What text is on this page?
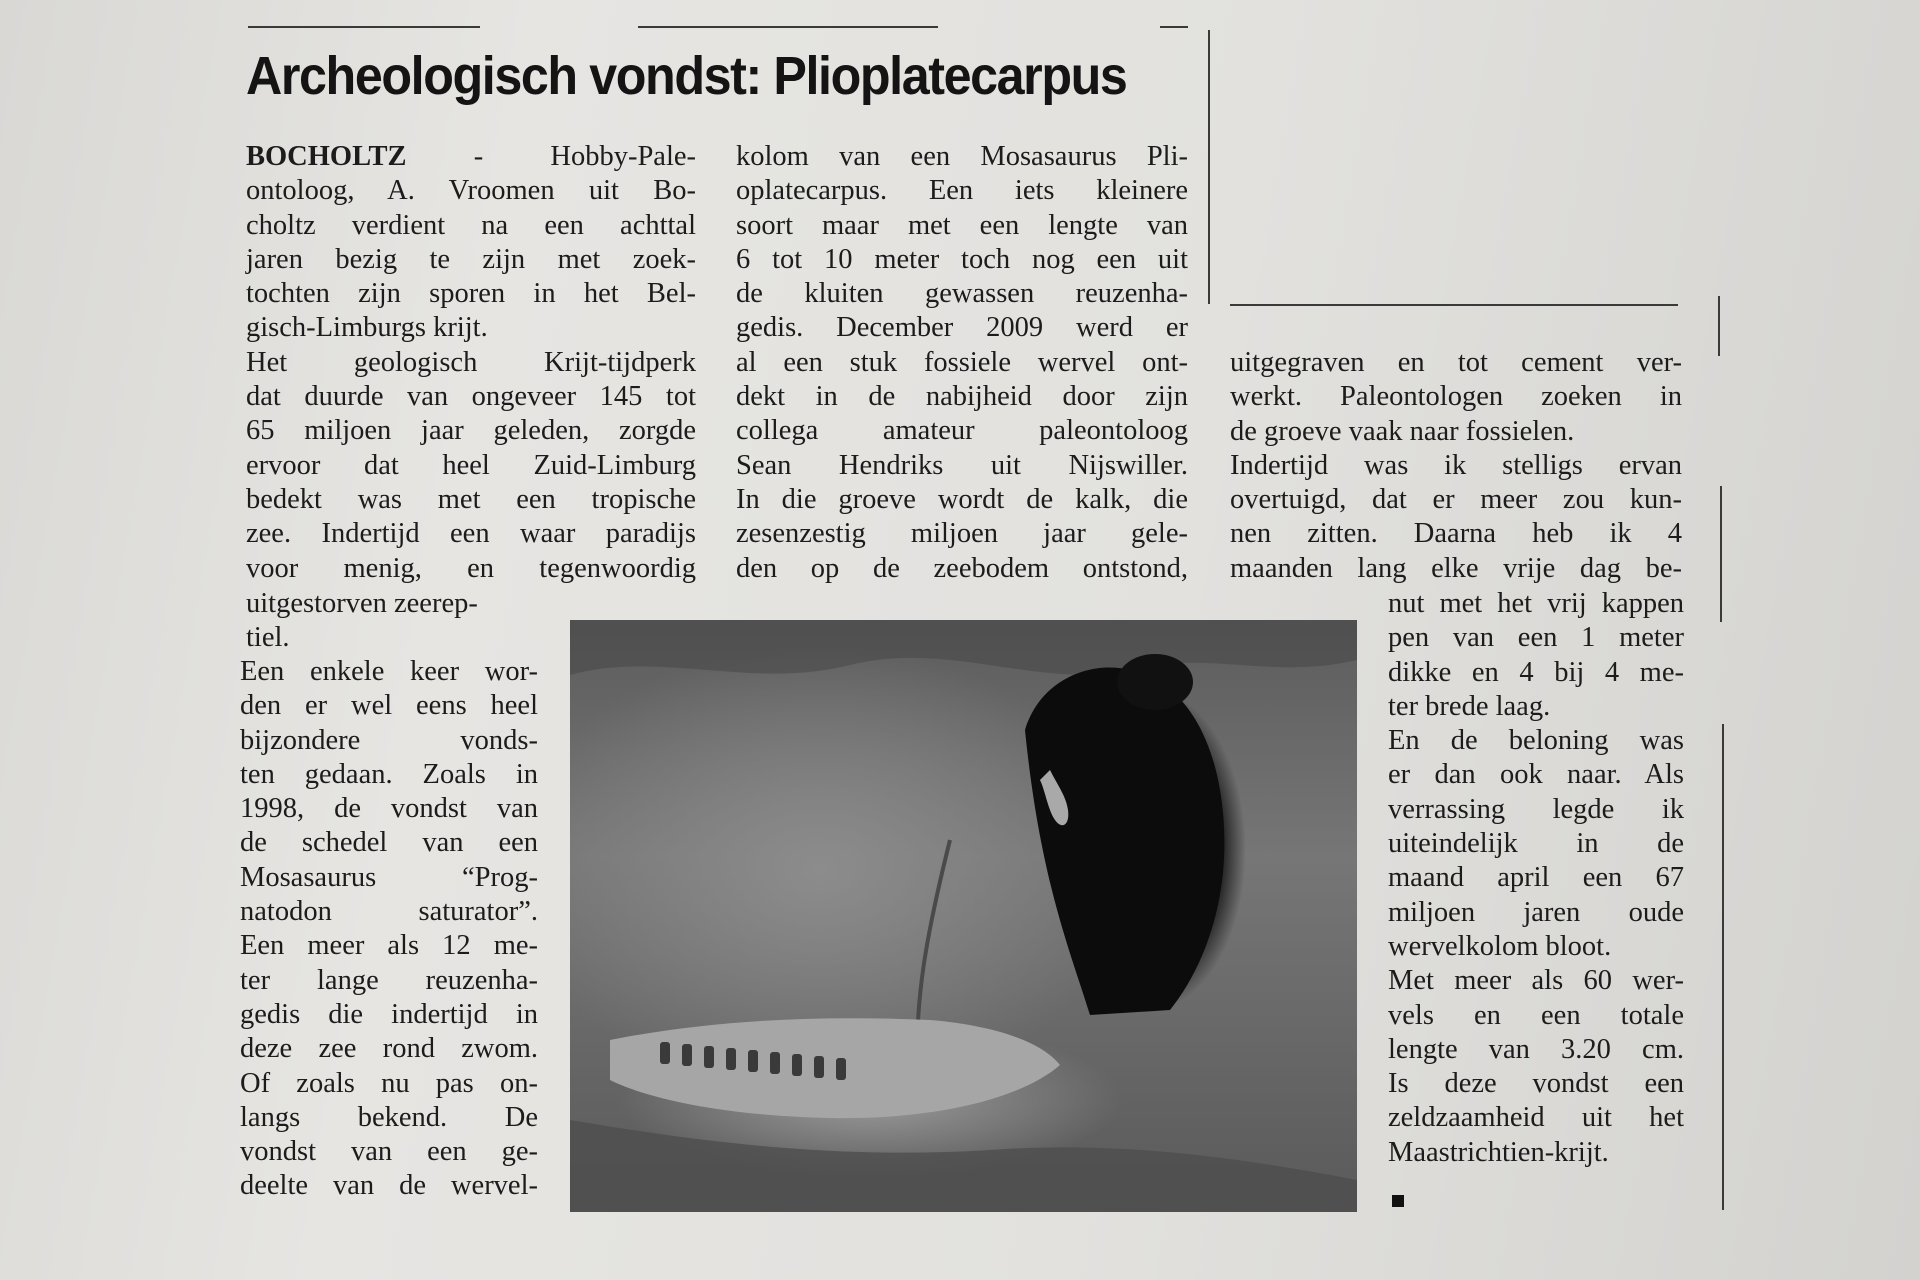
Archeologisch vondst: Plioplatecarpus
BOCHOLTZ - Hobby-Pale-
ontoloog, A. Vroomen uit Bo-
choltz verdient na een achttal
jaren bezig te zijn met zoek-
tochten zijn sporen in het Bel-
gisch-Limburgs krijt.
Het geologisch Krijt-tijdperk
dat duurde van ongeveer 145 tot
65 miljoen jaar geleden, zorgde
ervoor dat heel Zuid-Limburg
bedekt was met een tropische
zee. Indertijd een waar paradijs
voor menig, en tegenwoordig
uitgestorven zeerep-
tiel.
Een enkele keer wor-
den er wel eens heel
bijzondere vonds-
ten gedaan. Zoals in
1998, de vondst van
de schedel van een
Mosasaurus “Prog-
natodon saturator”.
Een meer als 12 me-
ter lange reuzenha-
gedis die indertijd in
deze zee rond zwom.
Of zoals nu pas on-
langs bekend. De
vondst van een ge-
deelte van de wervel-
kolom van een Mosasaurus Pli-
oplatecarpus. Een iets kleinere
soort maar met een lengte van
6 tot 10 meter toch nog een uit
de kluiten gewassen reuzenha-
gedis. December 2009 werd er
al een stuk fossiele wervel ont-
dekt in de nabijheid door zijn
collega amateur paleontoloog
Sean Hendriks uit Nijswiller.
In die groeve wordt de kalk, die
zesenzestig miljoen jaar gele-
den op de zeebodem ontstond,
uitgegraven en tot cement ver-
werkt. Paleontologen zoeken in
de groeve vaak naar fossielen.
Indertijd was ik stelligs ervan
overtuigd, dat er meer zou kun-
nen zitten. Daarna heb ik 4
maanden lang elke vrije dag be-
nut met het vrij kappen
pen van een 1 meter
dikke en 4 bij 4 me-
ter brede laag.
En de beloning was
er dan ook naar. Als
verrassing legde ik
uiteindelijk in de
maand april een 67
miljoen jaren oude
wervelkolom bloot.
Met meer als 60 wer-
vels en een totale
lengte van 3.20 cm.
Is deze vondst een
zeldzaamheid uit het
Maastrichtien-krijt.
